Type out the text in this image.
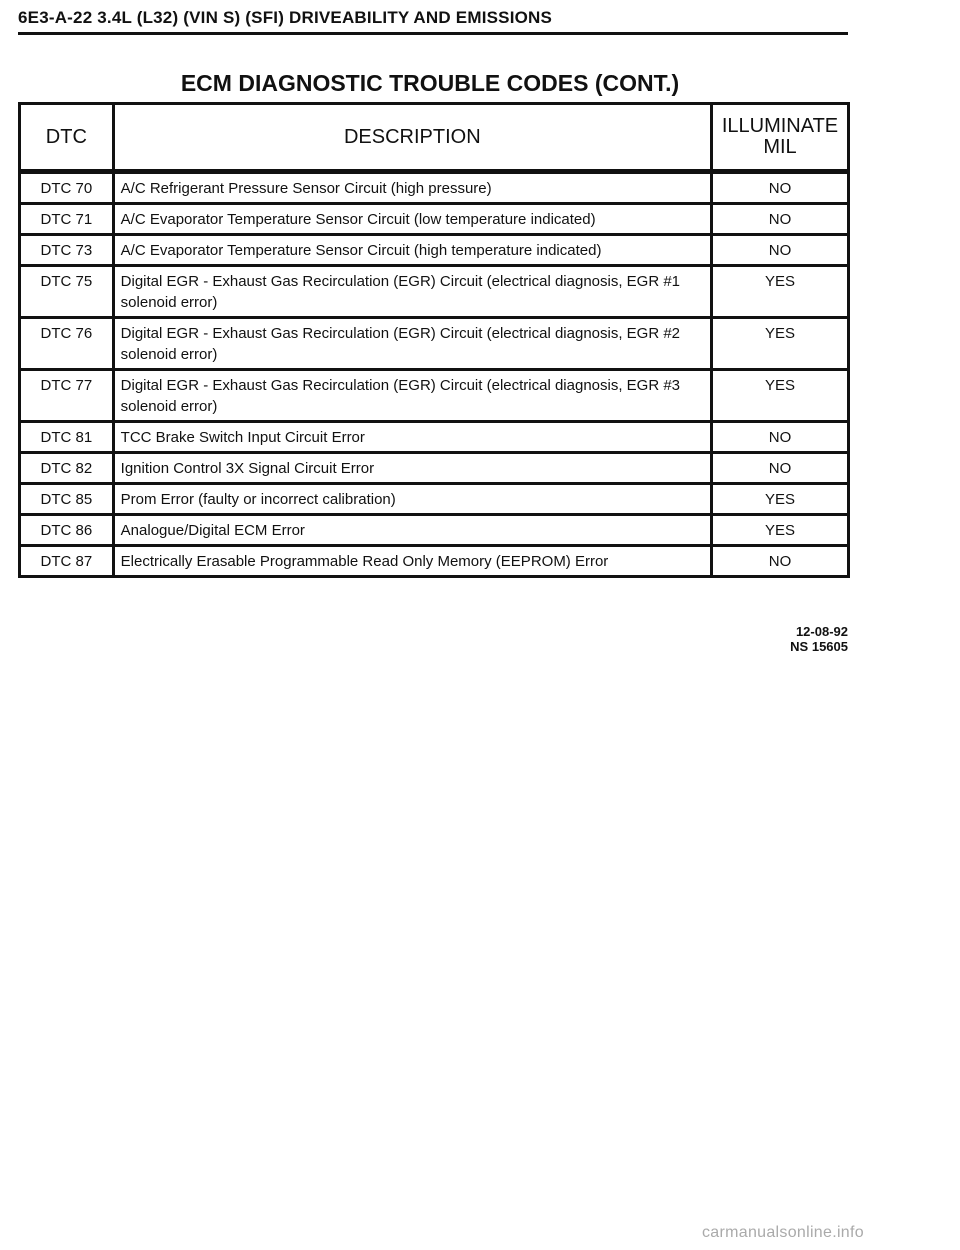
6E3-A-22 3.4L (L32) (VIN S) (SFI) DRIVEABILITY AND EMISSIONS
ECM DIAGNOSTIC TROUBLE CODES (CONT.)
DTC	DESCRIPTION	ILLUMINATE
MIL

DTC 70	A/C Refrigerant Pressure Sensor Circuit (high pressure)	NO
DTC 71	A/C Evaporator Temperature Sensor Circuit (low temperature indicated)	NO
DTC 73	A/C Evaporator Temperature Sensor Circuit (high temperature indicated)	NO
DTC 75	Digital EGR - Exhaust Gas Recirculation (EGR) Circuit (electrical diagnosis, EGR #1 solenoid error)	YES
DTC 76	Digital EGR - Exhaust Gas Recirculation (EGR) Circuit (electrical diagnosis, EGR #2 solenoid error)	YES
DTC 77	Digital EGR - Exhaust Gas Recirculation (EGR) Circuit (electrical diagnosis, EGR #3 solenoid error)	YES
DTC 81	TCC Brake Switch Input Circuit Error	NO
DTC 82	Ignition Control 3X Signal Circuit Error	NO
DTC 85	Prom Error (faulty or incorrect calibration)	YES
DTC 86	Analogue/Digital ECM Error	YES
DTC 87	Electrically Erasable Programmable Read Only Memory (EEPROM) Error	NO
12-08-92
NS 15605
carmanualsonline.info
